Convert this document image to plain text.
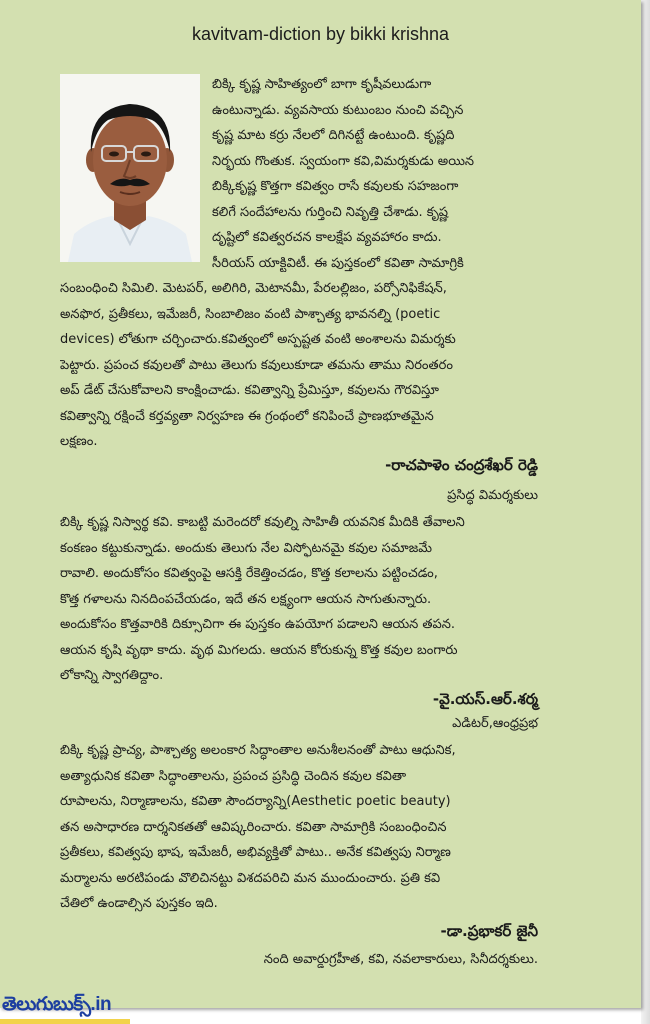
kavitvam-diction by bikki krishna
బిక్కి కృష్ణ సాహిత్యంలో బాగా కృషీవలుడుగా
ఉంటున్నాడు. వ్యవసాయ కుటుంబం నుంచి వచ్చిన
కృష్ణ మాట కర్రు నేలలో దిగినట్టే ఉంటుంది. కృష్ణది
నిర్భయ గొంతుక. స్వయంగా కవి,విమర్శకుడు అయిన
బిక్కికృష్ణ కొత్తగా కవిత్వం రాసే కవులకు సహజంగా
కలిగే సందేహాలను గుర్తించి నివృత్తి చేశాడు. కృష్ణ
దృష్టిలో కవిత్వరచన కాలక్షేప వ్యవహారం కాదు.
సీరియస్ యాక్టివిటీ. ఈ పుస్తకంలో కవితా సామాగ్రికి
సంబంధించి సిమిలి. మెటపర్, అలిగిరి, మెటానమీ, పేరలల్లిజం, పర్సోనిఫికేషన్,
అనఫొర, ప్రతీకలు, ఇమేజరీ, సింబాలిజం వంటి పాశ్చాత్య భావనల్ని (poetic
devices) లోతుగా చర్చించారు.కవిత్వంలో అస్పష్టత వంటి అంశాలను విమర్శకు
పెట్టారు. ప్రపంచ కవులతో పాటు తెలుగు కవులుకూడా తమను తాము నిరంతరం
అప్ డేట్ చేసుకోవాలని కాంక్షించాడు. కవిత్వాన్ని ప్రేమిస్తూ, కవులను గౌరవిస్తూ
కవిత్వాన్ని రక్షించే కర్తవ్యతా నిర్వహణ ఈ గ్రంథంలో కనిపించే ప్రాణభూతమైన
లక్షణం.
-రాచపాళెం చంద్రశేఖర్ రెడ్డి
ప్రసిద్ధ విమర్శకులు
బిక్కి కృష్ణ నిస్వార్థ కవి. కాబట్టి మరెందరో కవుల్ని సాహితీ యవనిక మీదికి తేవాలని
కంకణం కట్టుకున్నాడు. అందుకు తెలుగు నేల విస్ఫోటనమై కవుల సమాజమే
రావాలి. అందుకోసం కవిత్వంపై ఆసక్తి రేకెత్తించడం, కొత్త కలాలను పట్టించడం,
కొత్త గళాలను నినదింపచేయడం, ఇదే తన లక్ష్యంగా ఆయన సాగుతున్నారు.
అందుకోసం కొత్తవారికి దిక్సూచిగా ఈ పుస్తకం ఉపయోగ పడాలని ఆయన తపన.
ఆయన కృషి వృథా కాదు. వృథ మిగలదు. ఆయన కోరుకున్న కొత్త కవుల బంగారు
లోకాన్ని స్వాగతిద్దాం.
-వై.యస్.ఆర్.శర్మ
ఎడిటర్,ఆంధ్రప్రభ
బిక్కి కృష్ణ ప్రాచ్య, పాశ్చాత్య అలంకార సిద్ధాంతాల అనుశీలనంతో పాటు ఆధునిక,
అత్యాధునిక కవితా సిద్ధాంతాలను, ప్రపంచ ప్రసిద్ధి చెందిన కవుల కవితా
రూపాలను, నిర్మాణాలను, కవితా సౌందర్యాన్ని(Aesthetic poetic beauty)
తన అసాధారణ దార్శనికతతో ఆవిష్కరించారు. కవితా సామాగ్రికి సంబంధించిన
ప్రతీకలు, కవిత్వపు భాష, ఇమేజరీ, అభివ్యక్తితో పాటు.. అనేక కవిత్వపు నిర్మాణ
మర్మాలను అరటిపండు వొలిచినట్టు విశదపరిచి మన ముందుంచారు. ప్రతి కవి
చేతిలో ఉండాల్సిన పుస్తకం ఇది.
-డా.ప్రభాకర్ జైనీ
నంది అవార్డుగ్రహీత, కవి, నవలాకారులు, సినీదర్శకులు.
తెలుగుబుక్స్.in
